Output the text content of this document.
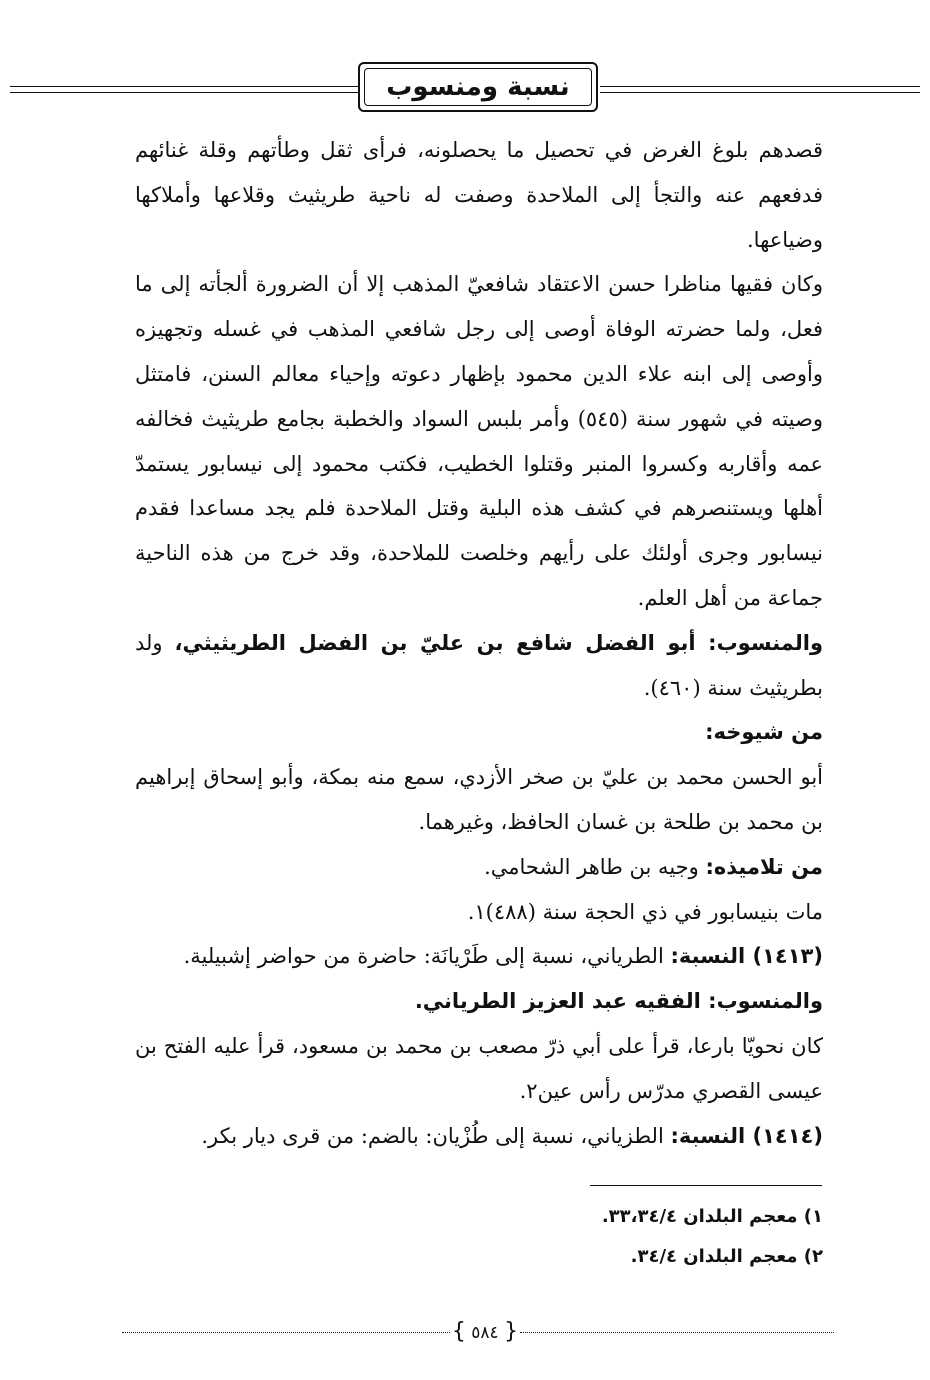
نسبة ومنسوب

قصدهم بلوغ الغرض في تحصيل ما يحصلونه، فرأى ثقل وطأتهم وقلة غنائهم فدفعهم عنه والتجأ إلى الملاحدة وصفت له ناحية طريثيث وقلاعها وأملاكها وضياعها.

وكان فقيها مناظرا حسن الاعتقاد شافعيّ المذهب إلا أن الضرورة ألجأته إلى ما فعل، ولما حضرته الوفاة أوصى إلى رجل شافعي المذهب في غسله وتجهيزه وأوصى إلى ابنه علاء الدين محمود بإظهار دعوته وإحياء معالم السنن، فامتثل وصيته في شهور سنة (٥٤٥) وأمر بلبس السواد والخطبة بجامع طريثيث فخالفه عمه وأقاربه وكسروا المنبر وقتلوا الخطيب، فكتب محمود إلى نيسابور يستمدّ أهلها ويستنصرهم في كشف هذه البلية وقتل الملاحدة فلم يجد مساعدا فقدم نيسابور وجرى أولئك على رأيهم وخلصت للملاحدة، وقد خرج من هذه الناحية جماعة من أهل العلم.

والمنسوب: أبو الفضل شافع بن عليّ بن الفضل الطريثيثي، ولد بطريثيث سنة (٤٦٠).

من شيوخه:

أبو الحسن محمد بن عليّ بن صخر الأزدي، سمع منه بمكة، وأبو إسحاق إبراهيم بن محمد بن طلحة بن غسان الحافظ، وغيرهما.

من تلاميذه: وجيه بن طاهر الشحامي.

مات بنيسابور في ذي الحجة سنة (٤٨٨)١.

(١٤١٣) النسبة: الطرياني، نسبة إلى طَرْيانَة: حاضرة من حواضر إشبيلية.

والمنسوب: الفقيه عبد العزيز الطرياني.

كان نحويّا بارعا، قرأ على أبي ذرّ مصعب بن محمد بن مسعود، قرأ عليه الفتح بن عيسى القصري مدرّس رأس عين٢.

(١٤١٤) النسبة: الطزياني، نسبة إلى طُزْيان: بالضم: من قرى ديار بكر.

١) معجم البلدان ٣٣،٣٤/٤.

٢) معجم البلدان ٣٤/٤.

{ ٥٨٤ }
